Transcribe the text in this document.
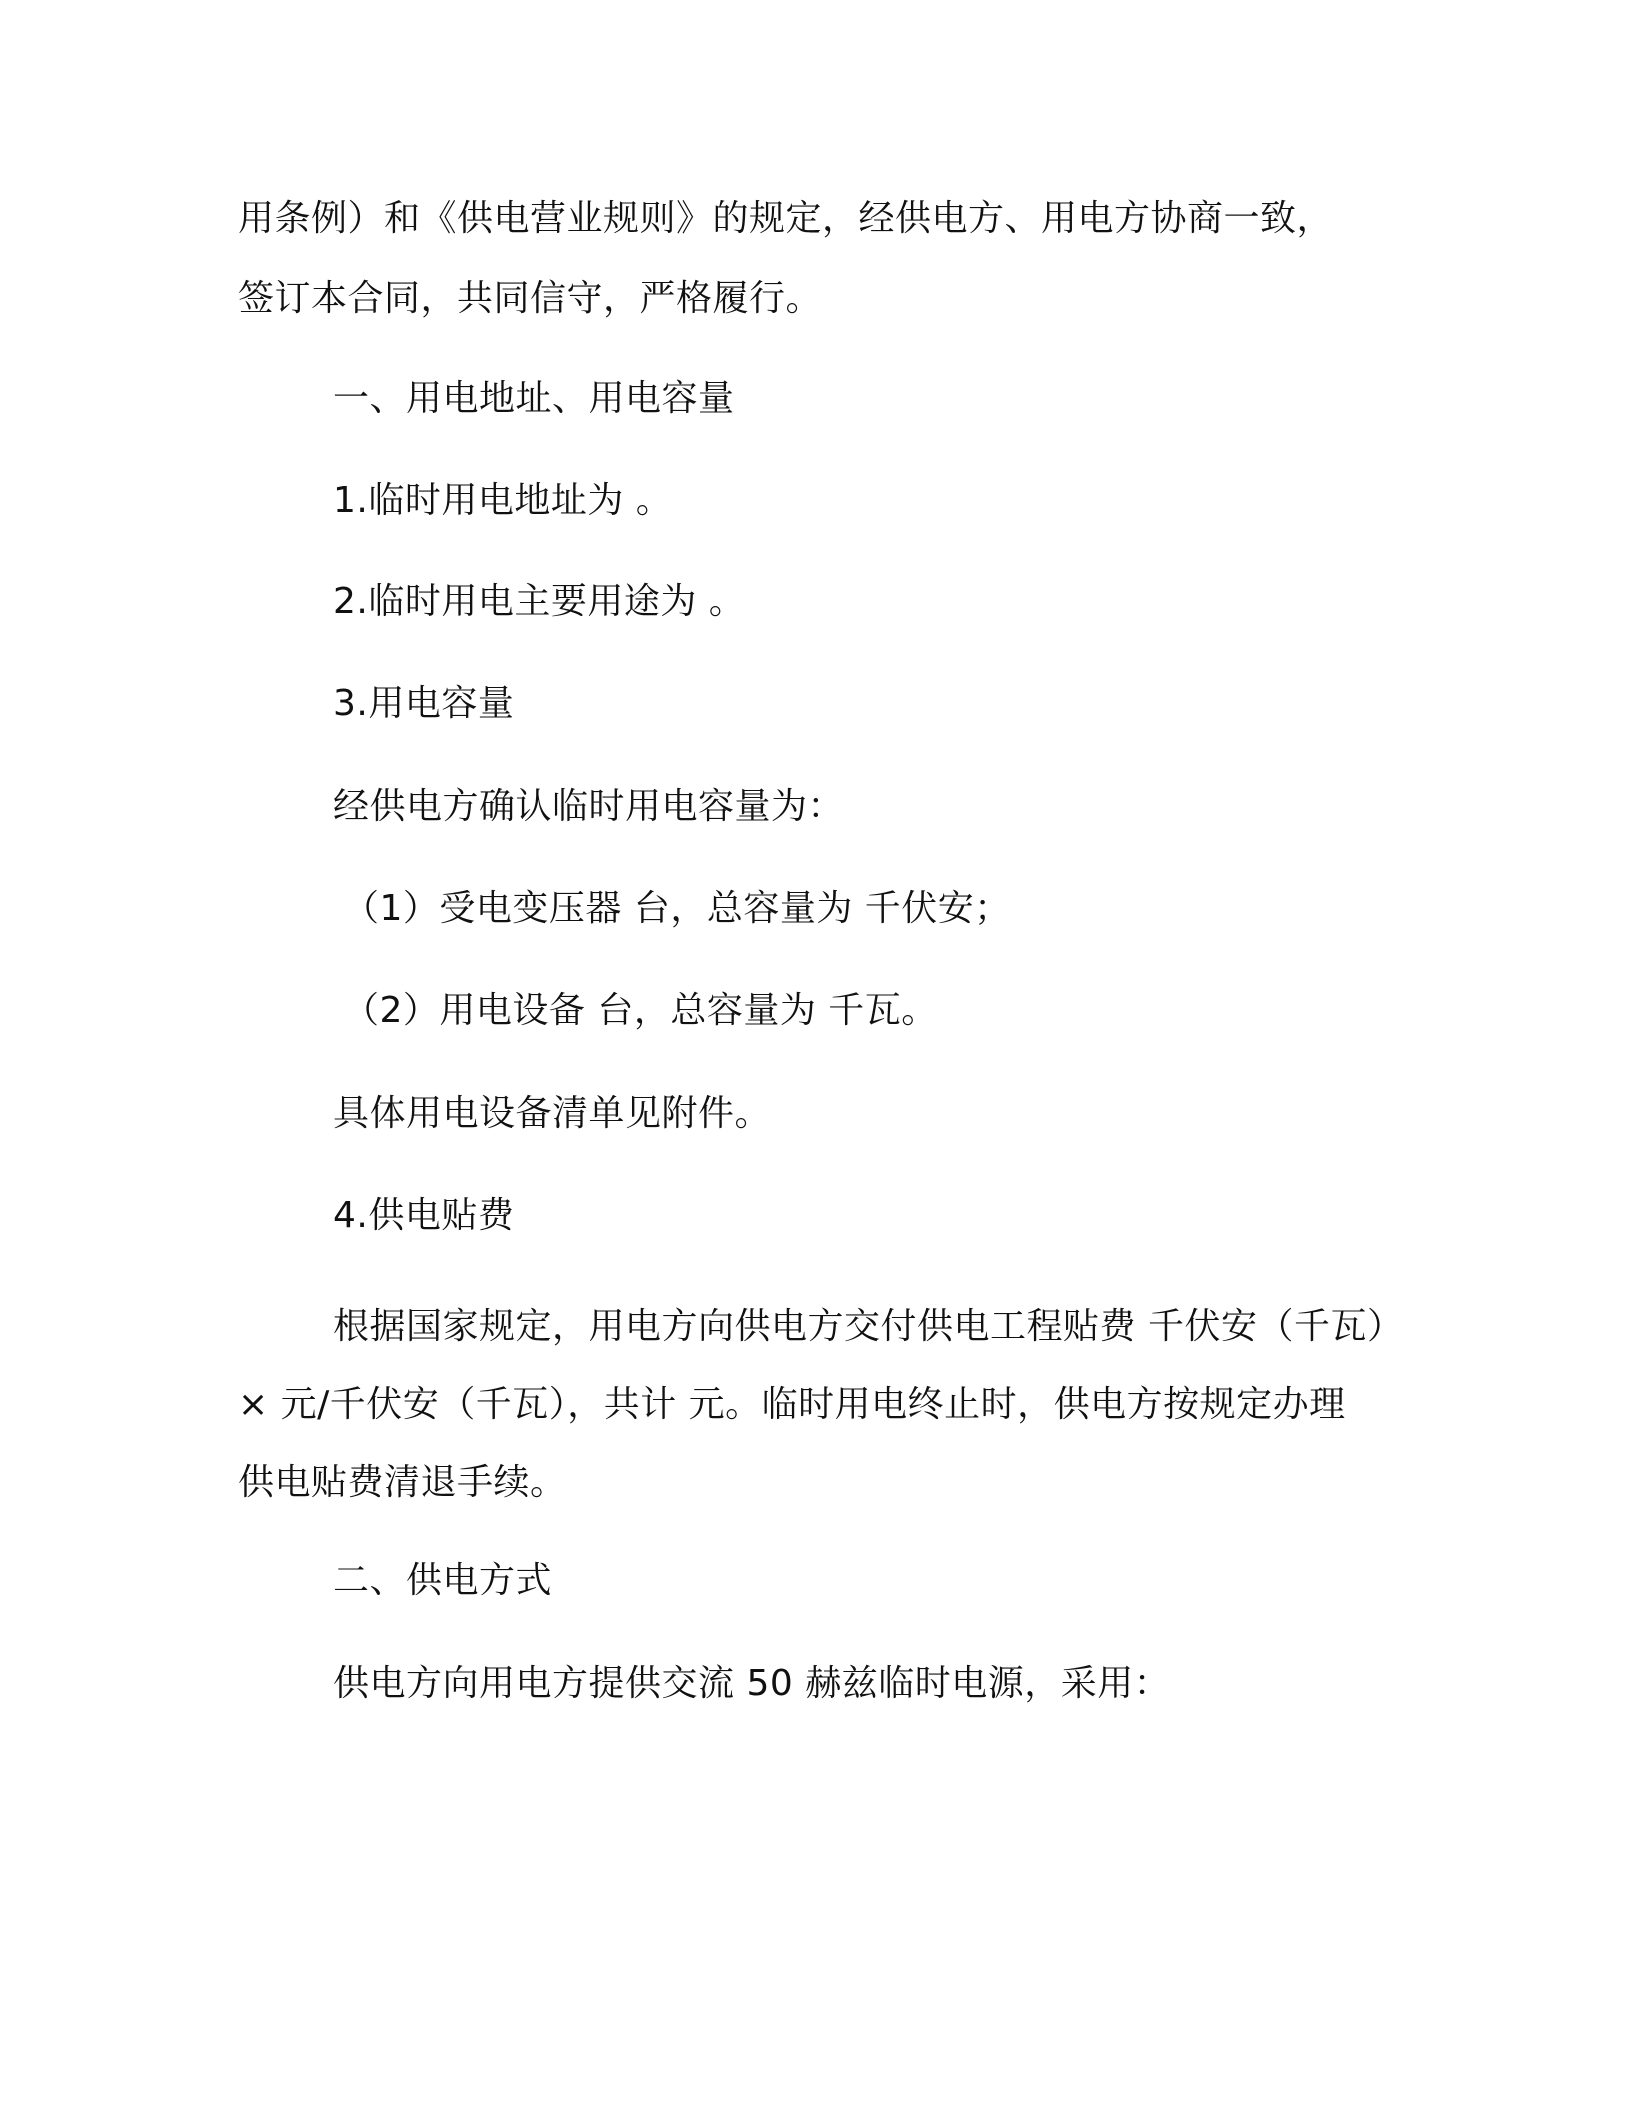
用条例）和《供电营业规则》的规定，经供电方、用电方协商一致，

签订本合同，共同信守，严格履行。

一、用电地址、用电容量

1.临时用电地址为 。

2.临时用电主要用途为 。

3.用电容量

经供电方确认临时用电容量为：

（1）受电变压器 台，总容量为 千伏安；

（2）用电设备 台，总容量为 千瓦。

具体用电设备清单见附件。

4.供电贴费

根据国家规定，用电方向供电方交付供电工程贴费 千伏安（千瓦）

× 元/千伏安（千瓦），共计 元。临时用电终止时，供电方按规定办理

供电贴费清退手续。

二、供电方式

供电方向用电方提供交流 50 赫兹临时电源，采用：
